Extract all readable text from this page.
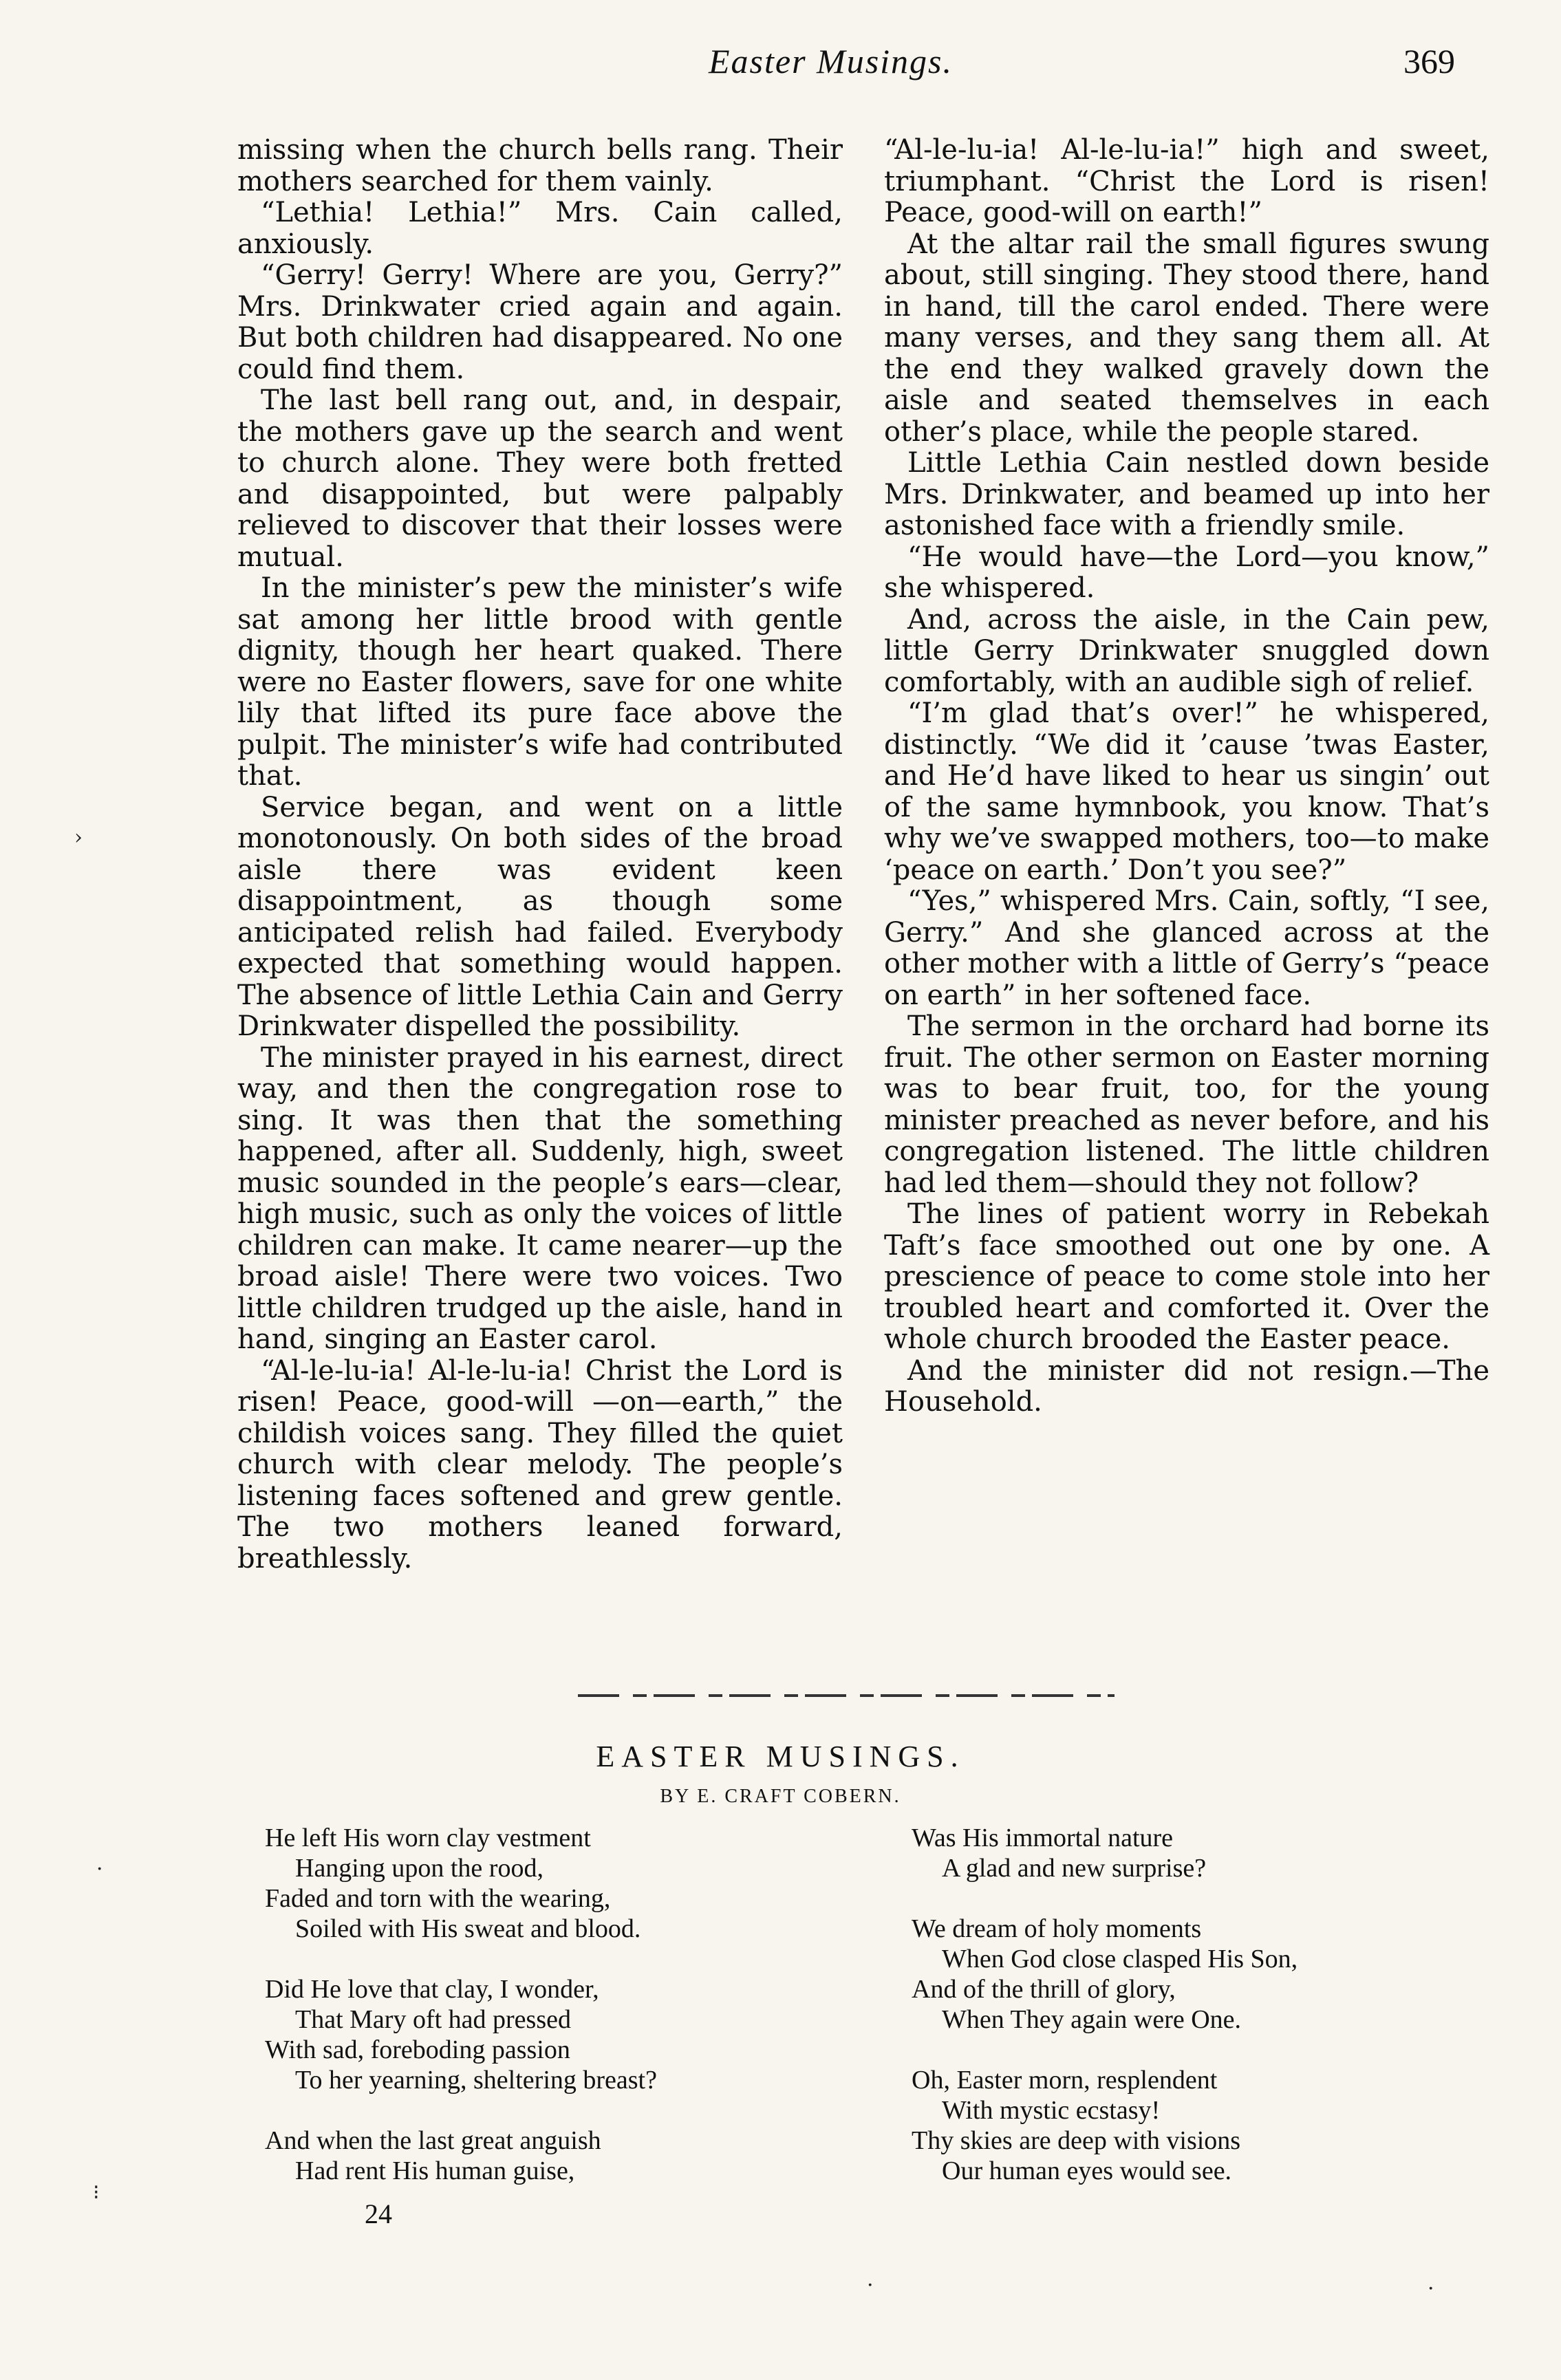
Easter Musings.	369

missing when the church bells rang. Their mothers searched for them vainly.

“Lethia! Lethia!” Mrs. Cain called, anxiously.

“Gerry! Gerry! Where are you, Gerry?” Mrs. Drinkwater cried again and again. But both children had disappeared. No one could find them.

The last bell rang out, and, in despair, the mothers gave up the search and went to church alone. They were both fretted and disappointed, but were palpably relieved to discover that their losses were mutual.

In the minister’s pew the minister’s wife sat among her little brood with gentle dignity, though her heart quaked. There were no Easter flowers, save for one white lily that lifted its pure face above the pulpit. The minister’s wife had contributed that.

Service began, and went on a little monotonously. On both sides of the broad aisle there was evident keen disappointment, as though some anticipated relish had failed. Everybody expected that something would happen. The absence of little Lethia Cain and Gerry Drinkwater dispelled the possibility.

The minister prayed in his earnest, direct way, and then the congregation rose to sing. It was then that the something happened, after all. Suddenly, high, sweet music sounded in the people’s ears—clear, high music, such as only the voices of little children can make. It came nearer—up the broad aisle! There were two voices. Two little children trudged up the aisle, hand in hand, singing an Easter carol.

“Al-le-lu-ia! Al-le-lu-ia! Christ the Lord is risen! Peace, good-will —on—earth,” the childish voices sang. They filled the quiet church with clear melody. The people’s listening faces softened and grew gentle. The two mothers leaned forward, breathlessly.

“Al-le-lu-ia! Al-le-lu-ia!” high and sweet, triumphant. “Christ the Lord is risen! Peace, good-will on earth!”

At the altar rail the small figures swung about, still singing. They stood there, hand in hand, till the carol ended. There were many verses, and they sang them all. At the end they walked gravely down the aisle and seated themselves in each other’s place, while the people stared.

Little Lethia Cain nestled down beside Mrs. Drinkwater, and beamed up into her astonished face with a friendly smile.

“He would have—the Lord—you know,” she whispered.

And, across the aisle, in the Cain pew, little Gerry Drinkwater snuggled down comfortably, with an audible sigh of relief.

“I’m glad that’s over!” he whispered, distinctly. “We did it ’cause ’twas Easter, and He’d have liked to hear us singin’ out of the same hymnbook, you know. That’s why we’ve swapped mothers, too—to make ‘peace on earth.’ Don’t you see?”

“Yes,” whispered Mrs. Cain, softly, “I see, Gerry.” And she glanced across at the other mother with a little of Gerry’s “peace on earth” in her softened face.

The sermon in the orchard had borne its fruit. The other sermon on Easter morning was to bear fruit, too, for the young minister preached as never before, and his congregation listened. The little children had led them—should they not follow?

The lines of patient worry in Rebekah Taft’s face smoothed out one by one. A prescience of peace to come stole into her troubled heart and comforted it. Over the whole church brooded the Easter peace.

And the minister did not resign.—The Household.

EASTER MUSINGS.
BY E. CRAFT COBERN.
He left His worn clay vestment
Hanging upon the rood,
Faded and torn with the wearing,
Soiled with His sweat and blood.
Did He love that clay, I wonder,
That Mary oft had pressed
With sad, foreboding passion
To her yearning, sheltering breast?
And when the last great anguish
Had rent His human guise,
Was His immortal nature
A glad and new surprise?
We dream of holy moments
When God close clasped His Son,
And of the thrill of glory,
When They again were One.
Oh, Easter morn, resplendent
With mystic ecstasy!
Thy skies are deep with visions
Our human eyes would see.
24
›
·
⁝
·	·
